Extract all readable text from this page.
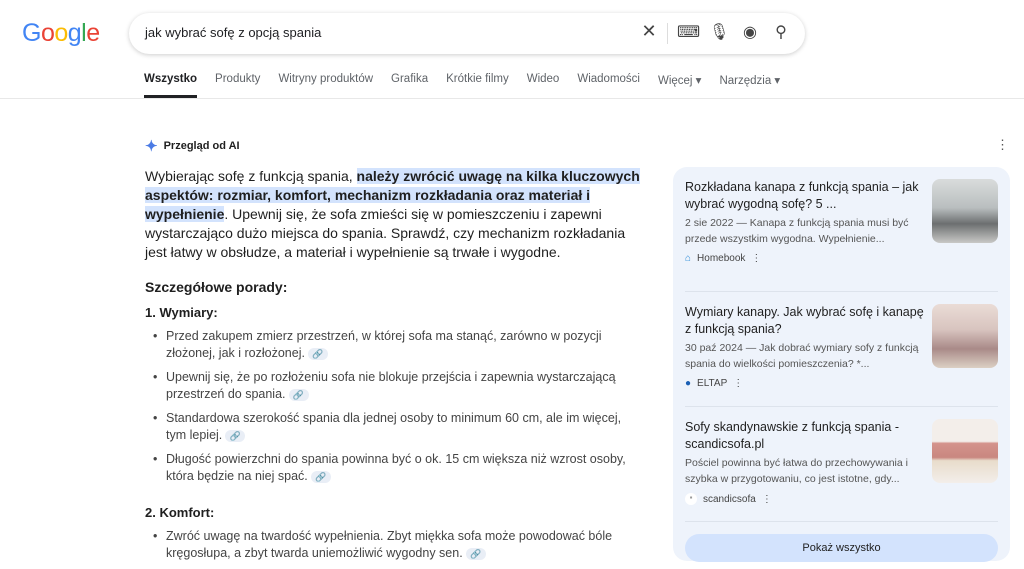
Google	jak wybrać sofę z opcją spania	✕ ⌨ 🎙 ◉ ⚲
Wszystko Produkty Witryny produktów Grafika Krótkie filmy Wideo Wiadomości Więcej ▾ Narzędzia ▾
✦ Przegląd od AI	⋮
Wybierając sofę z funkcją spania, należy zwrócić uwagę na kilka kluczowych aspektów: rozmiar, komfort, mechanizm rozkładania oraz materiał i wypełnienie. Upewnij się, że sofa zmieści się w pomieszczeniu i zapewni wystarczająco dużo miejsca do spania. Sprawdź, czy mechanizm rozkładania jest łatwy w obsłudze, a materiał i wypełnienie są trwałe i wygodne.
Szczegółowe porady:
1. Wymiary:
• Przed zakupem zmierz przestrzeń, w której sofa ma stanąć, zarówno w pozycji złożonej, jak i rozłożonej. 🔗
• Upewnij się, że po rozłożeniu sofa nie blokuje przejścia i zapewnia wystarczającą przestrzeń do spania. 🔗
• Standardowa szerokość spania dla jednej osoby to minimum 60 cm, ale im więcej, tym lepiej. 🔗
• Długość powierzchni do spania powinna być o ok. 15 cm większa niż wzrost osoby, która będzie na niej spać. 🔗
2. Komfort:
• Zwróć uwagę na twardość wypełnienia. Zbyt miękka sofa może powodować bóle kręgosłupa, a zbyt twarda uniemożliwić wygodny sen. 🔗
Rozkładana kanapa z funkcją spania – jak wybrać wygodną sofę? 5 ...
2 sie 2022 — Kanapa z funkcją spania musi być przede wszystkim wygodna. Wypełnienie...
⌂ Homebook ⋮
Wymiary kanapy. Jak wybrać sofę i kanapę z funkcją spania?
30 paź 2024 — Jak dobrać wymiary sofy z funkcją spania do wielkości pomieszczenia? *...
● ELTAP ⋮
Sofy skandynawskie z funkcją spania - scandicsofa.pl
Pościel powinna być łatwa do przechowywania i szybka w przygotowaniu, co jest istotne, gdy...
▪	scandicsofa ⋮
Pokaż wszystko
